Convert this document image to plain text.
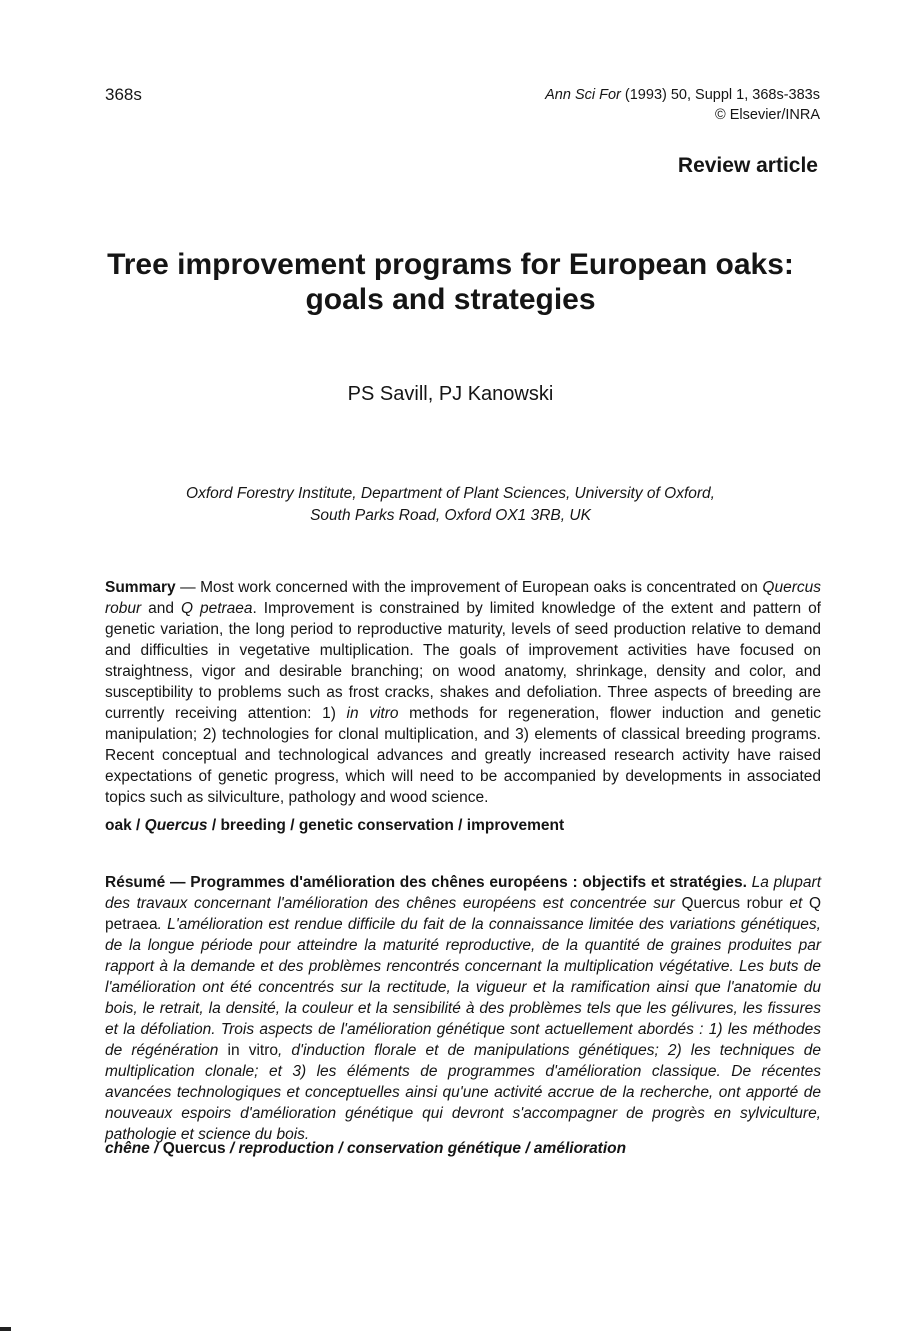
368s	Ann Sci For (1993) 50, Suppl 1, 368s-383s
© Elsevier/INRA
Review article
Tree improvement programs for European oaks:
goals and strategies
PS Savill, PJ Kanowski
Oxford Forestry Institute, Department of Plant Sciences, University of Oxford,
South Parks Road, Oxford OX1 3RB, UK

Summary — Most work concerned with the improvement of European oaks is concentrated on Quercus robur and Q petraea. Improvement is constrained by limited knowledge of the extent and pattern of genetic variation, the long period to reproductive maturity, levels of seed production relative to demand and difficulties in vegetative multiplication. The goals of improvement activities have focused on straightness, vigor and desirable branching; on wood anatomy, shrinkage, density and color, and susceptibility to problems such as frost cracks, shakes and defoliation. Three aspects of breeding are currently receiving attention: 1) in vitro methods for regeneration, flower induction and genetic manipulation; 2) technologies for clonal multiplication, and 3) elements of classical breeding programs. Recent conceptual and technological advances and greatly increased research activity have raised expectations of genetic progress, which will need to be accompanied by developments in associated topics such as silviculture, pathology and wood science.

oak / Quercus / breeding / genetic conservation / improvement

Résumé — Programmes d'amélioration des chênes européens : objectifs et stratégies. La plupart des travaux concernant l'amélioration des chênes européens est concentrée sur Quercus robur et Q petraea. L'amélioration est rendue difficile du fait de la connaissance limitée des variations génétiques, de la longue période pour atteindre la maturité reproductive, de la quantité de graines produites par rapport à la demande et des problèmes rencontrés concernant la multiplication végétative. Les buts de l'amélioration ont été concentrés sur la rectitude, la vigueur et la ramification ainsi que l'anatomie du bois, le retrait, la densité, la couleur et la sensibilité à des problèmes tels que les gélivures, les fissures et la défoliation. Trois aspects de l'amélioration génétique sont actuellement abordés : 1) les méthodes de régénération in vitro, d'induction florale et de manipulations génétiques; 2) les techniques de multiplication clonale; et 3) les éléments de programmes d'amélioration classique. De récentes avancées technologiques et conceptuelles ainsi qu'une activité accrue de la recherche, ont apporté de nouveaux espoirs d'amélioration génétique qui devront s'accompagner de progrès en sylviculture, pathologie et science du bois.

chêne / Quercus / reproduction / conservation génétique / amélioration
